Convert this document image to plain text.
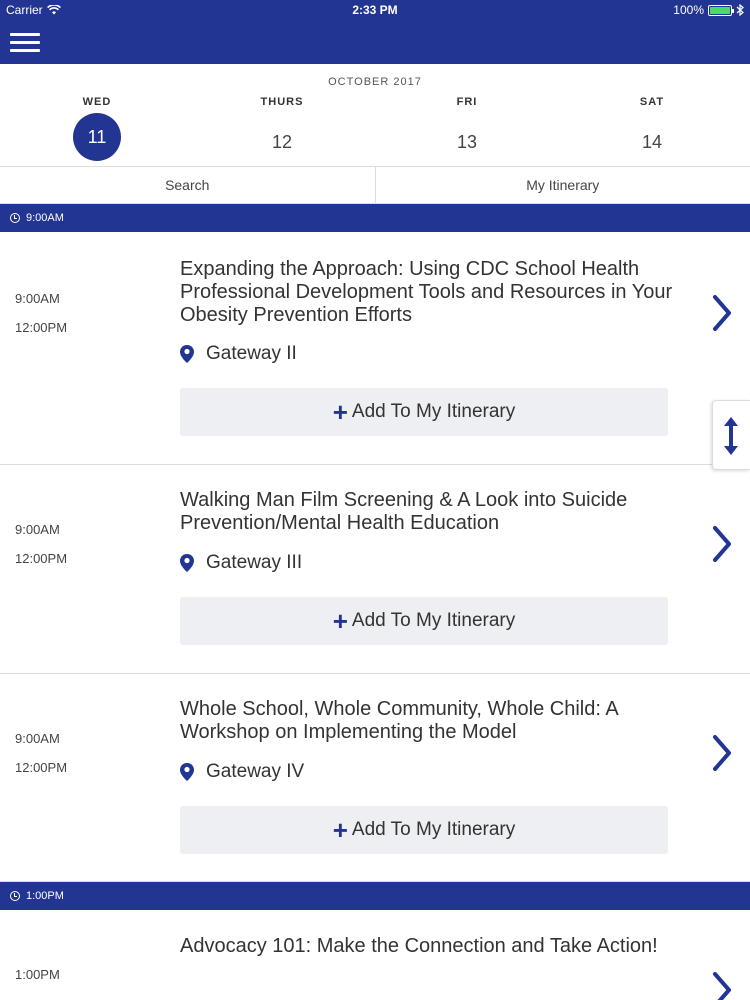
Carrier	2:33 PM	100%
OCTOBER 2017
WED
11
THURS
12
FRI
13
SAT
14
Search	My Itinerary
9:00AM
9:00AM
12:00PM
Expanding the Approach: Using CDC School Health Professional Development Tools and Resources in Your Obesity Prevention Efforts
Gateway II
+ Add To My Itinerary
9:00AM
12:00PM
Walking Man Film Screening & A Look into Suicide Prevention/Mental Health Education
Gateway III
+ Add To My Itinerary
9:00AM
12:00PM
Whole School, Whole Community, Whole Child: A Workshop on Implementing the Model
Gateway IV
+ Add To My Itinerary
1:00PM
1:00PM
Advocacy 101: Make the Connection and Take Action!
